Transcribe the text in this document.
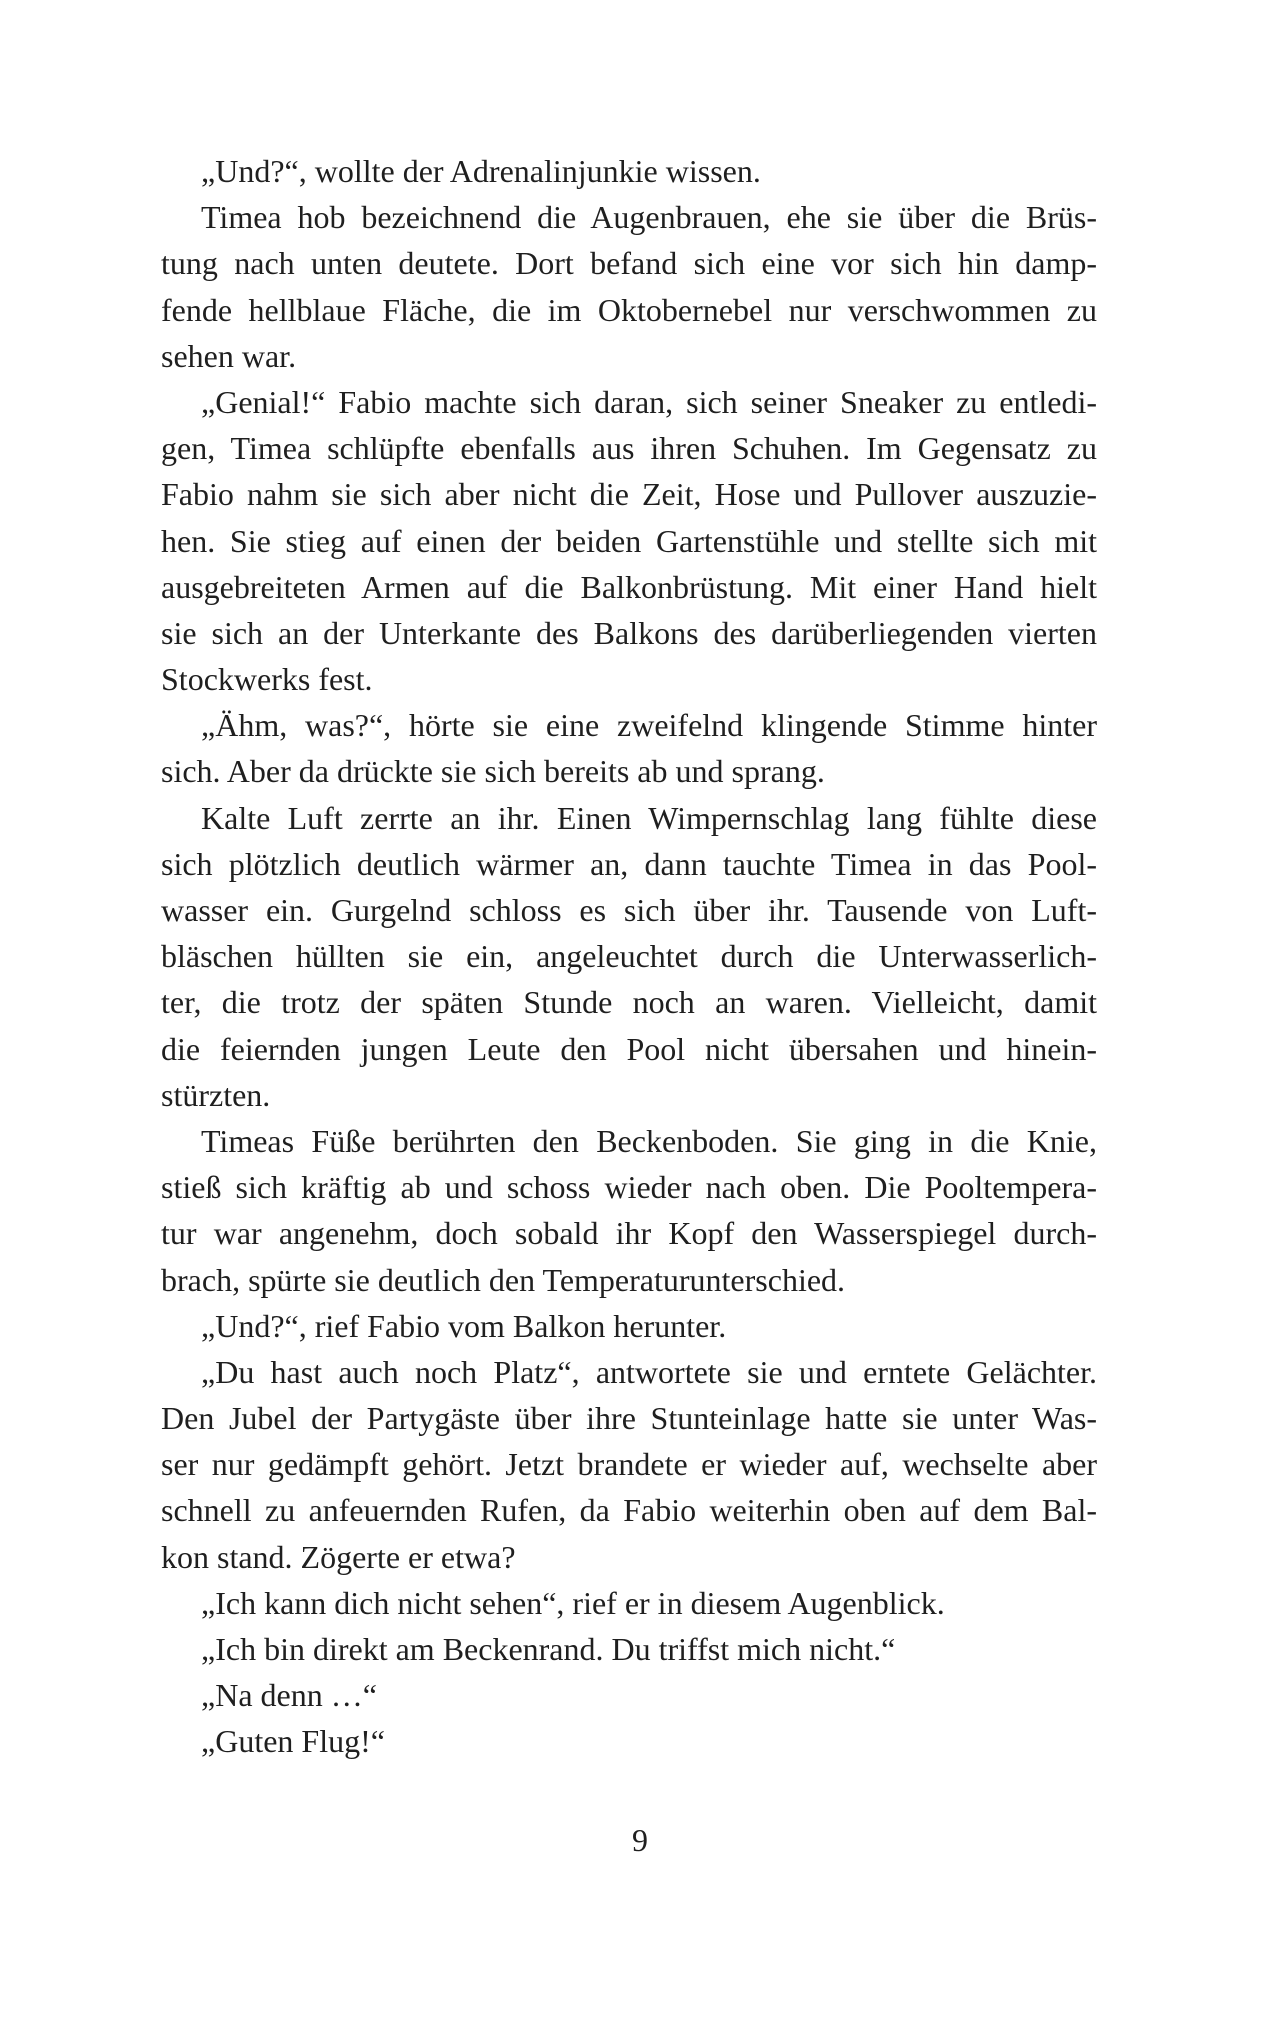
„Und?“, wollte der Adrenalinjunkie wissen.
Timea hob bezeichnend die Augenbrauen, ehe sie über die Brüs-
tung nach unten deutete. Dort befand sich eine vor sich hin damp-
fende hellblaue Fläche, die im Oktobernebel nur verschwommen zu
sehen war.
„Genial!“ Fabio machte sich daran, sich seiner Sneaker zu entledi-
gen, Timea schlüpfte ebenfalls aus ihren Schuhen. Im Gegensatz zu
Fabio nahm sie sich aber nicht die Zeit, Hose und Pullover auszuzie-
hen. Sie stieg auf einen der beiden Gartenstühle und stellte sich mit
ausgebreiteten Armen auf die Balkonbrüstung. Mit einer Hand hielt
sie sich an der Unterkante des Balkons des darüberliegenden vierten
Stockwerks fest.
„Ähm, was?“, hörte sie eine zweifelnd klingende Stimme hinter
sich. Aber da drückte sie sich bereits ab und sprang.
Kalte Luft zerrte an ihr. Einen Wimpernschlag lang fühlte diese
sich plötzlich deutlich wärmer an, dann tauchte Timea in das Pool-
wasser ein. Gurgelnd schloss es sich über ihr. Tausende von Luft-
bläschen hüllten sie ein, angeleuchtet durch die Unterwasserlich-
ter, die trotz der späten Stunde noch an waren. Vielleicht, damit
die feiernden jungen Leute den Pool nicht übersahen und hinein-
stürzten.
Timeas Füße berührten den Beckenboden. Sie ging in die Knie,
stieß sich kräftig ab und schoss wieder nach oben. Die Pooltempera-
tur war angenehm, doch sobald ihr Kopf den Wasserspiegel durch-
brach, spürte sie deutlich den Temperaturunterschied.
„Und?“, rief Fabio vom Balkon herunter.
„Du hast auch noch Platz“, antwortete sie und erntete Gelächter.
Den Jubel der Partygäste über ihre Stunteinlage hatte sie unter Was-
ser nur gedämpft gehört. Jetzt brandete er wieder auf, wechselte aber
schnell zu anfeuernden Rufen, da Fabio weiterhin oben auf dem Bal-
kon stand. Zögerte er etwa?
„Ich kann dich nicht sehen“, rief er in diesem Augenblick.
„Ich bin direkt am Beckenrand. Du triffst mich nicht.“
„Na denn …“
„Guten Flug!“
9
